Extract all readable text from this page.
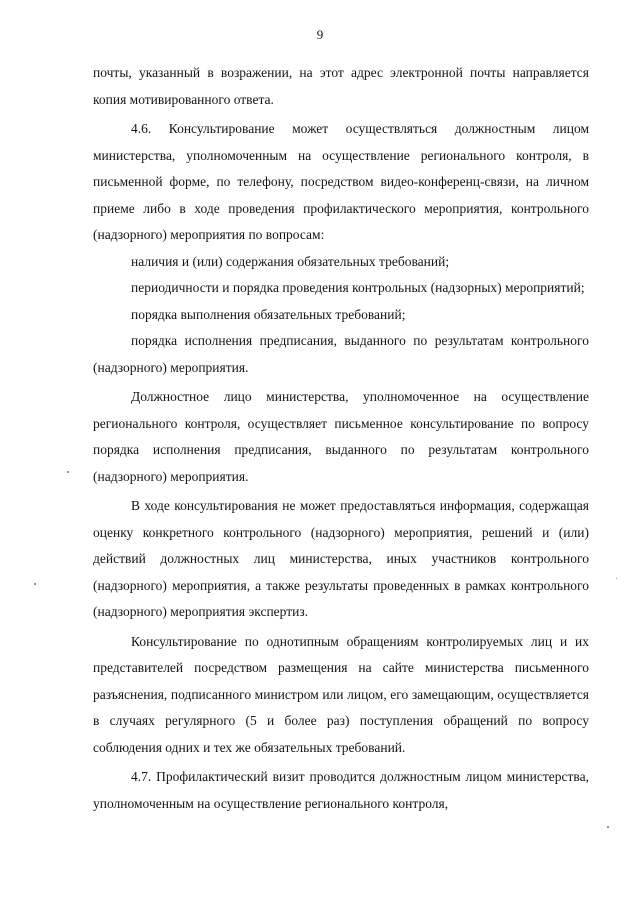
9

почты, указанный в возражении, на этот адрес электронной почты направляется копия мотивированного ответа.

4.6. Консультирование может осуществляться должностным лицом министерства, уполномоченным на осуществление регионального контроля, в письменной форме, по телефону, посредством видео-конференц-связи, на личном приеме либо в ходе проведения профилактического мероприятия, контрольного (надзорного) мероприятия по вопросам:

наличия и (или) содержания обязательных требований;

периодичности и порядка проведения контрольных (надзорных) мероприятий;

порядка выполнения обязательных требований;

порядка исполнения предписания, выданного по результатам контрольного (надзорного) мероприятия.

Должностное лицо министерства, уполномоченное на осуществление регионального контроля, осуществляет письменное консультирование по вопросу порядка исполнения предписания, выданного по результатам контрольного (надзорного) мероприятия.

В ходе консультирования не может предоставляться информация, содержащая оценку конкретного контрольного (надзорного) мероприятия, решений и (или) действий должностных лиц министерства, иных участников контрольного (надзорного) мероприятия, а также результаты проведенных в рамках контрольного (надзорного) мероприятия экспертиз.

Консультирование по однотипным обращениям контролируемых лиц и их представителей посредством размещения на сайте министерства письменного разъяснения, подписанного министром или лицом, его замещающим, осуществляется в случаях регулярного (5 и более раз) поступления обращений по вопросу соблюдения одних и тех же обязательных требований.

4.7. Профилактический визит проводится должностным лицом министерства, уполномоченным на осуществление регионального контроля,
